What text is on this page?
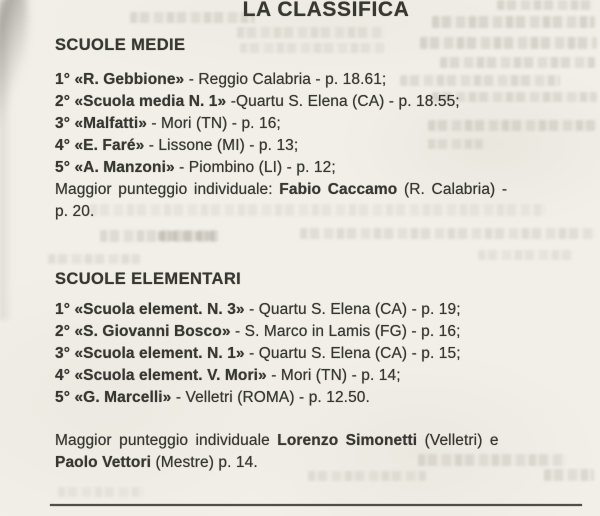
LA CLASSIFICA
SCUOLE MEDIE
1° «R. Gebbione» - Reggio Calabria - p. 18.61;
2° «Scuola media N. 1» -Quartu S. Elena (CA) - p. 18.55;
3° «Malfatti» - Mori (TN) - p. 16;
4° «E. Faré» - Lissone (MI) - p. 13;
5° «A. Manzoni» - Piombino (LI) - p. 12;
Maggior punteggio individuale: Fabio Caccamo (R. Calabria) -
p. 20.
SCUOLE ELEMENTARI
1° «Scuola element. N. 3» - Quartu S. Elena (CA) - p. 19;
2° «S. Giovanni Bosco» - S. Marco in Lamis (FG) - p. 16;
3° «Scuola element. N. 1» - Quartu S. Elena (CA) - p. 15;
4° «Scuola element. V. Mori» - Mori (TN) - p. 14;
5° «G. Marcelli» - Velletri (ROMA) - p. 12.50.
Maggior punteggio individuale Lorenzo Simonetti (Velletri) e
Paolo Vettori (Mestre) p. 14.
